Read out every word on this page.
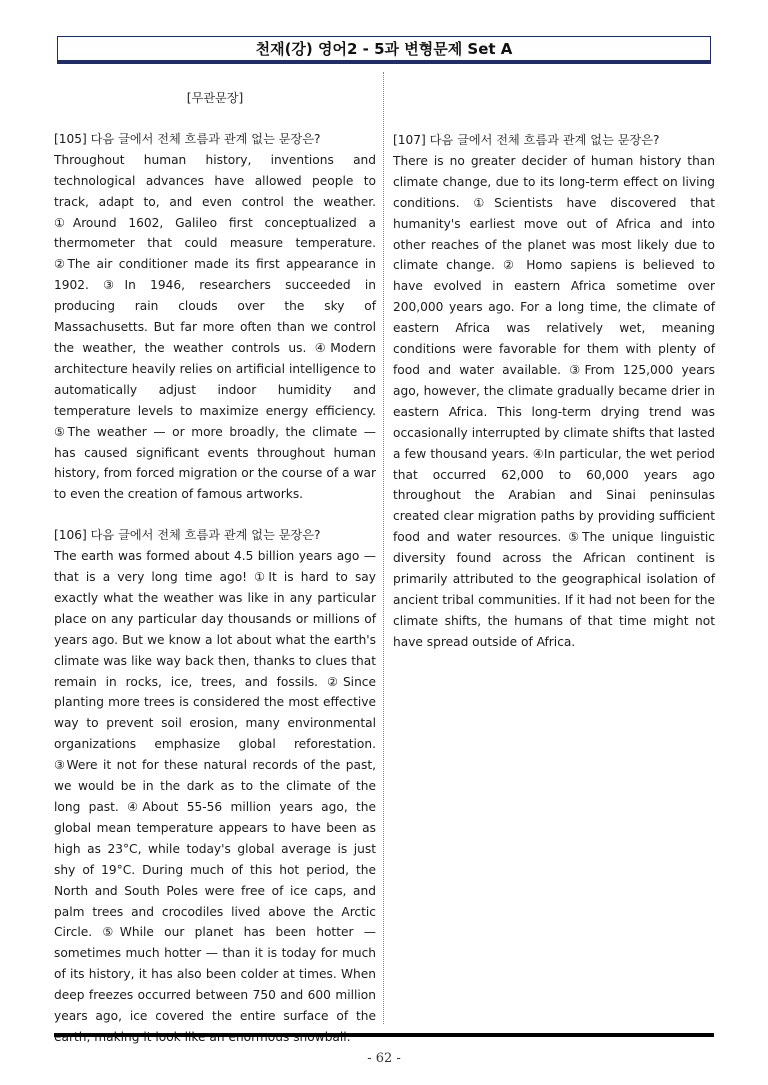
천재(강) 영어2 - 5과 변형문제 Set A

[무관문장]

[105] 다음 글에서 전체 흐름과 관계 없는 문장은?

Throughout human history, inventions and technological advances have allowed people to track, adapt to, and even control the weather. ①Around 1602, Galileo first conceptualized a thermometer that could measure temperature. ②The air conditioner made its first appearance in 1902. ③In 1946, researchers succeeded in producing rain clouds over the sky of Massachusetts. But far more often than we control the weather, the weather controls us. ④Modern architecture heavily relies on artificial intelligence to automatically adjust indoor humidity and temperature levels to maximize energy efficiency. ⑤The weather — or more broadly, the climate — has caused significant events throughout human history, from forced migration or the course of a war to even the creation of famous artworks.

[106] 다음 글에서 전체 흐름과 관계 없는 문장은?

The earth was formed about 4.5 billion years ago — that is a very long time ago! ①It is hard to say exactly what the weather was like in any particular place on any particular day thousands or millions of years ago. But we know a lot about what the earth's climate was like way back then, thanks to clues that remain in rocks, ice, trees, and fossils. ②Since planting more trees is considered the most effective way to prevent soil erosion, many environmental organizations emphasize global reforestation. ③Were it not for these natural records of the past, we would be in the dark as to the climate of the long past. ④About 55-56 million years ago, the global mean temperature appears to have been as high as 23°C, while today's global average is just shy of 19°C. During much of this hot period, the North and South Poles were free of ice caps, and palm trees and crocodiles lived above the Arctic Circle. ⑤While our planet has been hotter — sometimes much hotter — than it is today for much of its history, it has also been colder at times. When deep freezes occurred between 750 and 600 million years ago, ice covered the entire surface of the

[107] 다음 글에서 전체 흐름과 관계 없는 문장은?

There is no greater decider of human history than climate change, due to its long-term effect on living conditions. ①Scientists have discovered that humanity's earliest move out of Africa and into other reaches of the planet was most likely due to climate change. ② Homo sapiens is believed to have evolved in eastern Africa sometime over 200,000 years ago. For a long time, the climate of eastern Africa was relatively wet, meaning conditions were favorable for them with plenty of food and water available. ③From 125,000 years ago, however, the climate gradually became drier in eastern Africa. This long-term drying trend was occasionally interrupted by climate shifts that lasted a few thousand years. ④In particular, the wet period that occurred 62,000 to 60,000 years ago throughout the Arabian and Sinai peninsulas created clear migration paths by providing sufficient food and water resources. ⑤The unique linguistic diversity found across the African continent is primarily attributed to the geographical isolation of ancient tribal communities. If it had not been for the climate shifts, the humans of that time might not have spread outside of Africa.

- 62 -
